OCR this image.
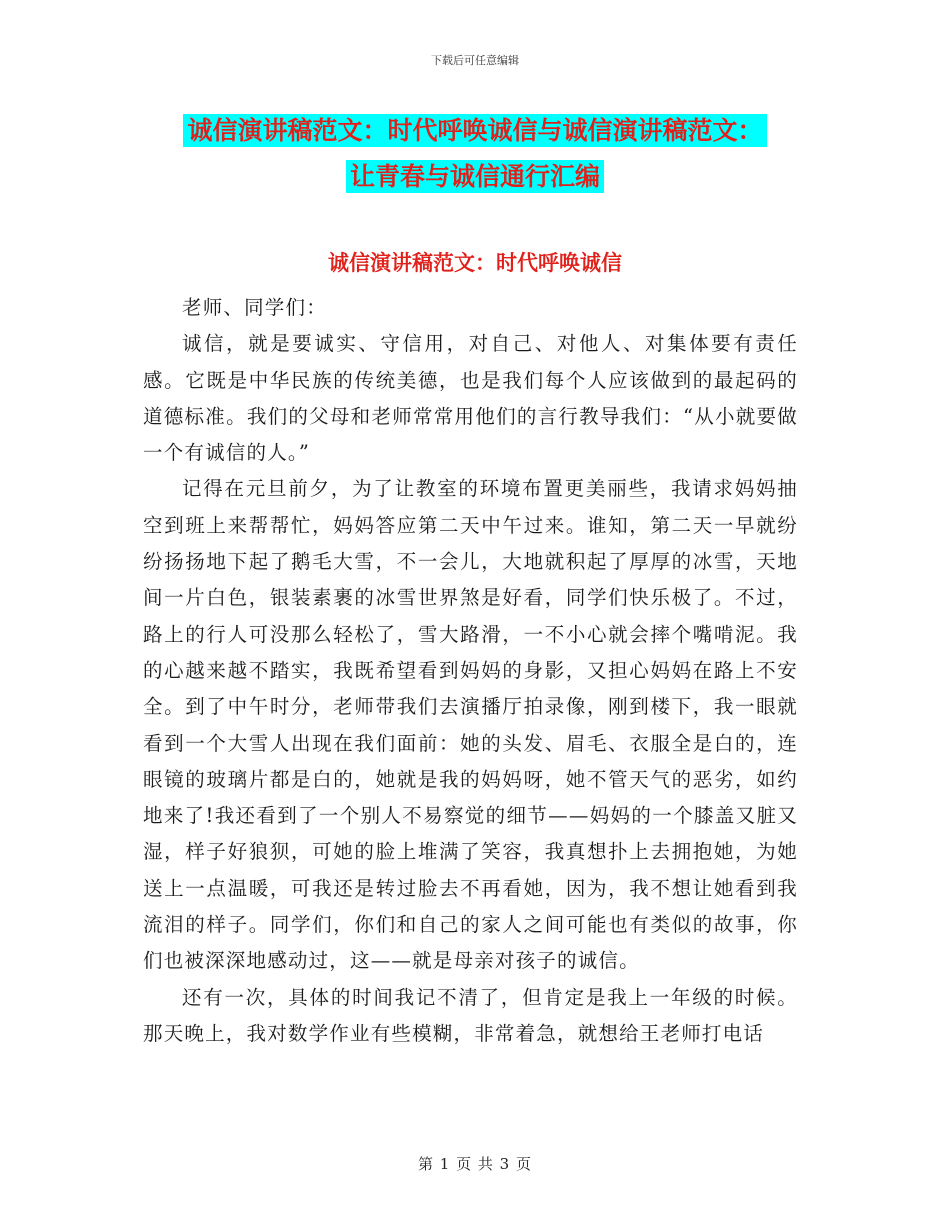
下载后可任意编辑
诚信演讲稿范文：时代呼唤诚信与诚信演讲稿范文：
让青春与诚信通行汇编
诚信演讲稿范文：时代呼唤诚信

老师、同学们：

诚信，就是要诚实、守信用，对自己、对他人、对集体要有责任感。它既是中华民族的传统美德，也是我们每个人应该做到的最起码的道德标准。我们的父母和老师常常用他们的言行教导我们：“从小就要做一个有诚信的人。”

记得在元旦前夕，为了让教室的环境布置更美丽些，我请求妈妈抽空到班上来帮帮忙，妈妈答应第二天中午过来。谁知，第二天一早就纷纷扬扬地下起了鹅毛大雪，不一会儿，大地就积起了厚厚的冰雪，天地间一片白色，银装素裹的冰雪世界煞是好看，同学们快乐极了。不过，路上的行人可没那么轻松了，雪大路滑，一不小心就会摔个嘴啃泥。我的心越来越不踏实，我既希望看到妈妈的身影，又担心妈妈在路上不安全。到了中午时分，老师带我们去演播厅拍录像，刚到楼下，我一眼就看到一个大雪人出现在我们面前：她的头发、眉毛、衣服全是白的，连眼镜的玻璃片都是白的，她就是我的妈妈呀，她不管天气的恶劣，如约地来了!我还看到了一个别人不易察觉的细节——妈妈的一个膝盖又脏又湿，样子好狼狈，可她的脸上堆满了笑容，我真想扑上去拥抱她，为她送上一点温暖，可我还是转过脸去不再看她，因为，我不想让她看到我流泪的样子。同学们，你们和自己的家人之间可能也有类似的故事，你们也被深深地感动过，这——就是母亲对孩子的诚信。

还有一次，具体的时间我记不清了，但肯定是我上一年级的时候。那天晚上，我对数学作业有些模糊，非常着急，就想给王老师打电话

第 1 页 共 3 页
